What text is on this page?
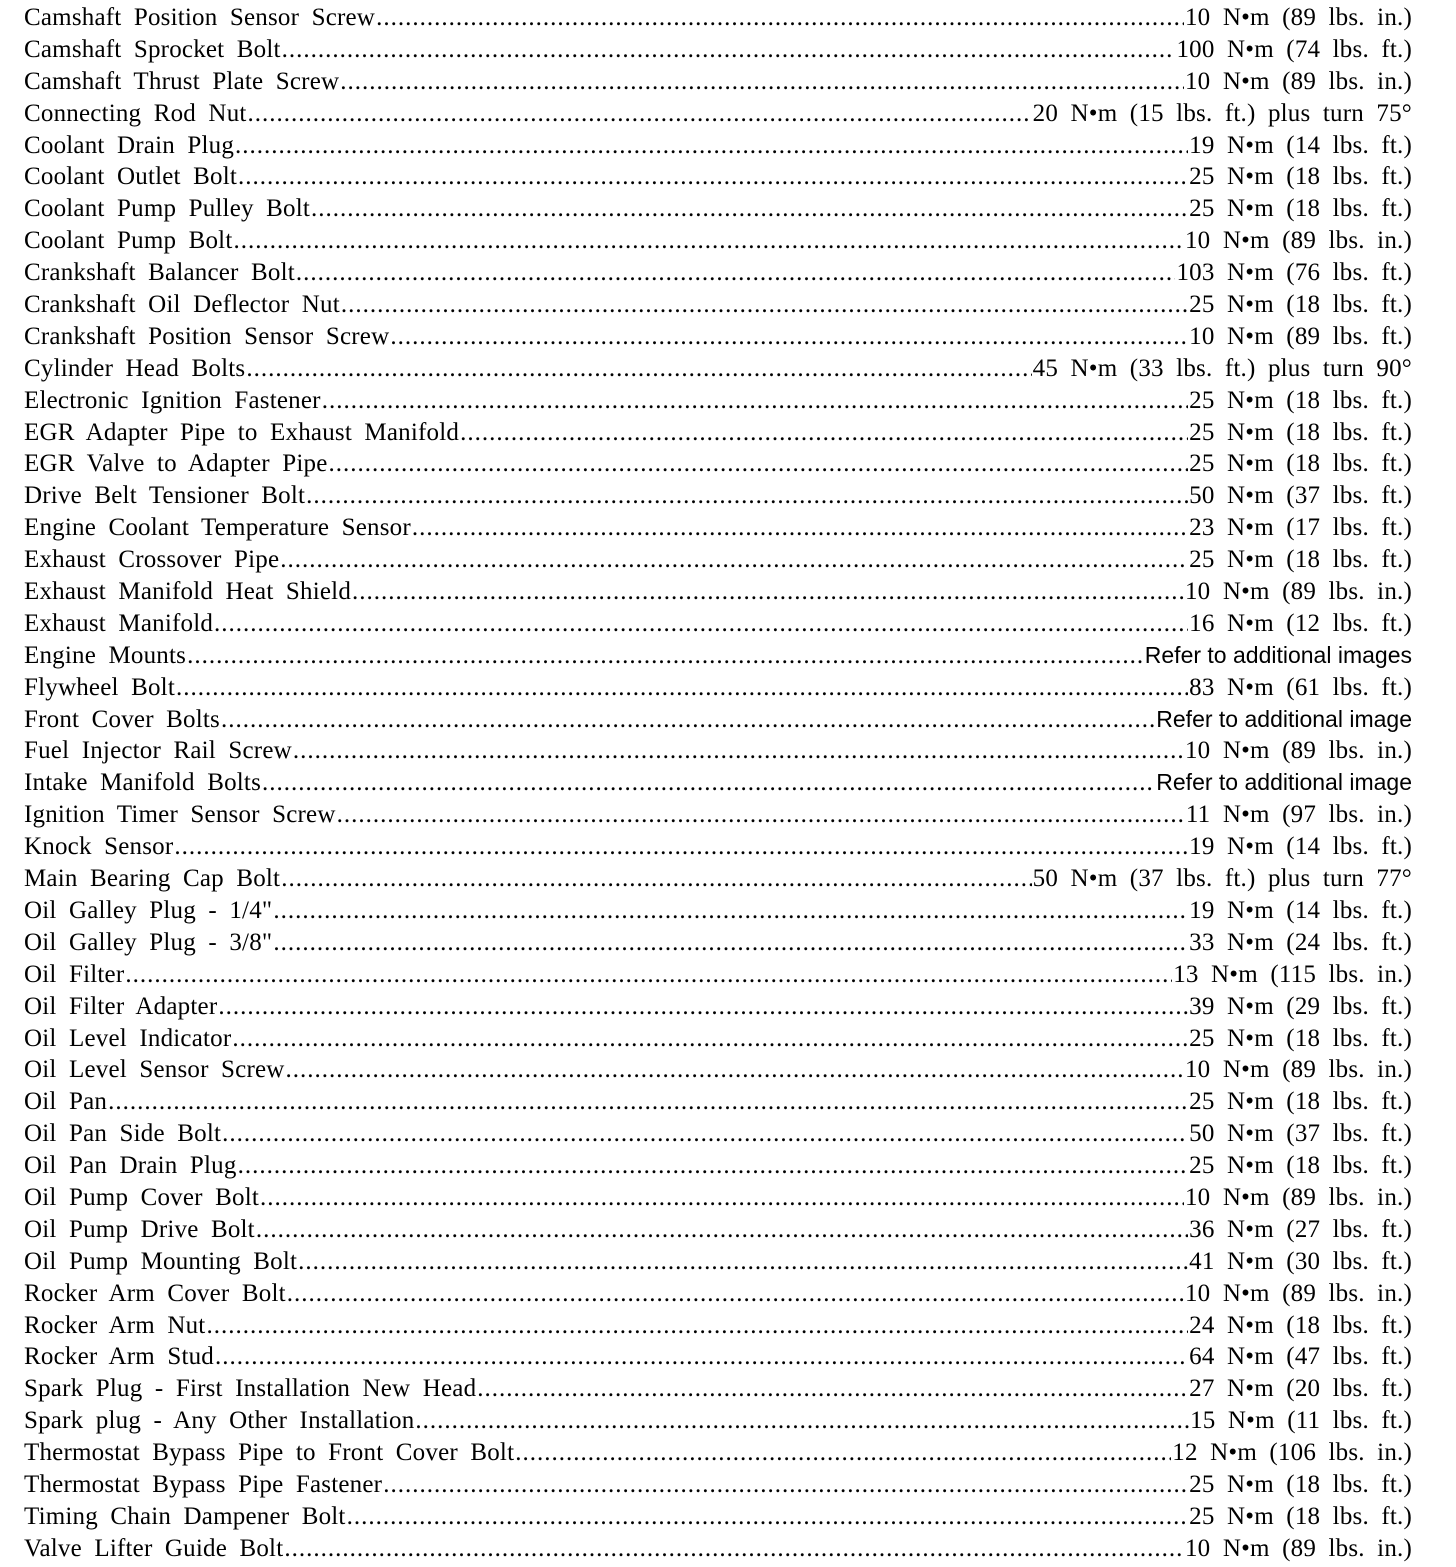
Camshaft Position Sensor Screw .....	10 N•m (89 lbs. in.)
Camshaft Sprocket Bolt .....	100 N•m (74 lbs. ft.)
Camshaft Thrust Plate Screw .....	10 N•m (89 lbs. in.)
Connecting Rod Nut .....	20 N•m (15 lbs. ft.) plus turn 75°
Coolant Drain Plug .....	19 N•m (14 lbs. ft.)
Coolant Outlet Bolt .....	25 N•m (18 lbs. ft.)
Coolant Pump Pulley Bolt .....	25 N•m (18 lbs. ft.)
Coolant Pump Bolt .....	10 N•m (89 lbs. in.)
Crankshaft Balancer Bolt .....	103 N•m (76 lbs. ft.)
Crankshaft Oil Deflector Nut .....	25 N•m (18 lbs. ft.)
Crankshaft Position Sensor Screw .....	10 N•m (89 lbs. ft.)
Cylinder Head Bolts .....	45 N•m (33 lbs. ft.) plus turn 90°
Electronic Ignition Fastener .....	25 N•m (18 lbs. ft.)
EGR Adapter Pipe to Exhaust Manifold .....	25 N•m (18 lbs. ft.)
EGR Valve to Adapter Pipe .....	25 N•m (18 lbs. ft.)
Drive Belt Tensioner Bolt .....	50 N•m (37 lbs. ft.)
Engine Coolant Temperature Sensor .....	23 N•m (17 lbs. ft.)
Exhaust Crossover Pipe .....	25 N•m (18 lbs. ft.)
Exhaust Manifold Heat Shield .....	10 N•m (89 lbs. in.)
Exhaust Manifold .....	16 N•m (12 lbs. ft.)
Engine Mounts .....	Refer to additional images
Flywheel Bolt .....	83 N•m (61 lbs. ft.)
Front Cover Bolts .....	Refer to additional image
Fuel Injector Rail Screw .....	10 N•m (89 lbs. in.)
Intake Manifold Bolts .....	Refer to additional image
Ignition Timer Sensor Screw .....	11 N•m (97 lbs. in.)
Knock Sensor .....	19 N•m (14 lbs. ft.)
Main Bearing Cap Bolt .....	50 N•m (37 lbs. ft.) plus turn 77°
Oil Galley Plug - 1/4" .....	19 N•m (14 lbs. ft.)
Oil Galley Plug - 3/8" .....	33 N•m (24 lbs. ft.)
Oil Filter .....	13 N•m (115 lbs. in.)
Oil Filter Adapter .....	39 N•m (29 lbs. ft.)
Oil Level Indicator .....	25 N•m (18 lbs. ft.)
Oil Level Sensor Screw .....	10 N•m (89 lbs. in.)
Oil Pan .....	25 N•m (18 lbs. ft.)
Oil Pan Side Bolt .....	50 N•m (37 lbs. ft.)
Oil Pan Drain Plug .....	25 N•m (18 lbs. ft.)
Oil Pump Cover Bolt .....	10 N•m (89 lbs. in.)
Oil Pump Drive Bolt .....	36 N•m (27 lbs. ft.)
Oil Pump Mounting Bolt .....	41 N•m (30 lbs. ft.)
Rocker Arm Cover Bolt .....	10 N•m (89 lbs. in.)
Rocker Arm Nut .....	24 N•m (18 lbs. ft.)
Rocker Arm Stud .....	64 N•m (47 lbs. ft.)
Spark Plug - First Installation New Head .....	27 N•m (20 lbs. ft.)
Spark plug - Any Other Installation .....	15 N•m (11 lbs. ft.)
Thermostat Bypass Pipe to Front Cover Bolt .....	12 N•m (106 lbs. in.)
Thermostat Bypass Pipe Fastener .....	25 N•m (18 lbs. ft.)
Timing Chain Dampener Bolt .....	25 N•m (18 lbs. ft.)
Valve Lifter Guide Bolt .....	10 N•m (89 lbs. in.)
